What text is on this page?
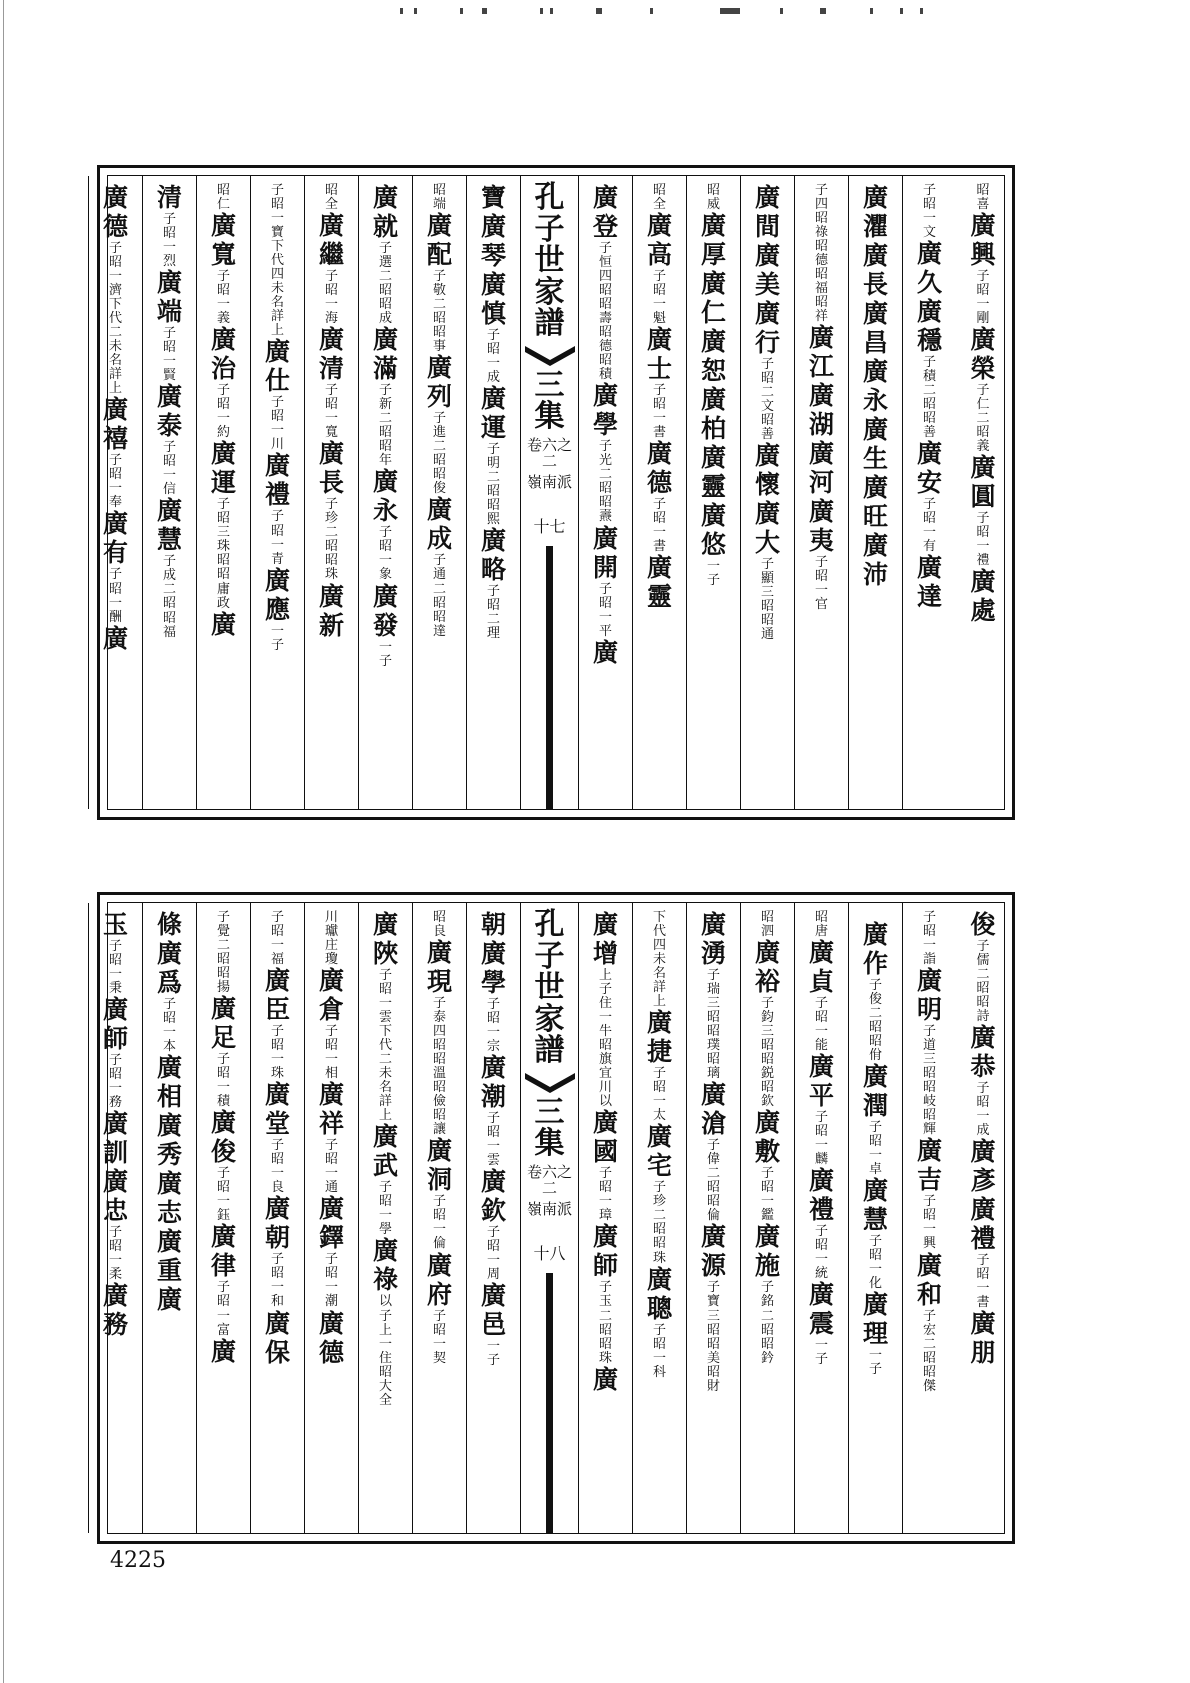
昭
喜
廣
興
子
昭
一
剛
廣
榮
子
仁
二
昭
義
廣
圓
子
昭
一
禮
廣
處
子
昭
一
文
廣
久
廣
穩
子
積
二
昭
昭
善
廣
安
子
昭
一
有
廣
達
廣
灈
廣
長
廣
昌
廣
永
廣
生
廣
旺
廣
沛
子
四
昭
祿
昭
德
昭
福
昭
祥
廣
江
廣
湖
廣
河
廣
夷
子
昭
一
官
廣
間
廣
美
廣
行
子
昭
二
文
昭
善
廣
懷
廣
大
子
顯
三
昭
昭
通
昭
威
廣
厚
廣
仁
廣
恕
廣
柏
廣
靈
廣
悠
一
子
昭
全
廣
高
子
昭
一
魁
廣
士
子
昭
一
書
廣
德
子
昭
一
書
廣
靈
廣
登
子
恒
四
昭
昭
壽
昭
德
昭
積
廣
學
子
光
二
昭
昭
燾
廣
開
子
昭
一
平
廣
孔子世家譜
三集
卷六之二
嶺南派
十七
寶
廣
琴
廣
慎
子
昭
一
成
廣
運
子
明
二
昭
昭
熙
廣
略
子
昭
二
理
昭
端
廣
配
子
敬
二
昭
昭
事
廣
列
子
進
二
昭
昭
俊
廣
成
子
通
二
昭
昭
達
廣
就
子
選
二
昭
昭
成
廣
滿
子
新
二
昭
昭
年
廣
永
子
昭
一
象
廣
發
一
子
昭
全
廣
繼
子
昭
一
海
廣
清
子
昭
一
寬
廣
長
子
珍
二
昭
昭
珠
廣
新
子
昭
一
寶
下
代
四
未
名
詳
上
廣
仕
子
昭
一
川
廣
禮
子
昭
一
青
廣
應
一
子
昭
仁
廣
寬
子
昭
一
義
廣
治
子
昭
一
約
廣
運
子
昭
三
珠
昭
昭
庸
政
廣
清
子
昭
一
烈
廣
端
子
昭
一
賢
廣
泰
子
昭
一
信
廣
慧
子
成
二
昭
昭
福
廣
德
子
昭
一
濟
下
代
二
未
名
詳
上
廣
禧
子
昭
一
奉
廣
有
子
昭
一
酬
廣
俊
子
儒
二
昭
昭
詩
廣
恭
子
昭
一
成
廣
彥
廣
禮
子
昭
一
書
廣
朋
子
昭
一
詣
廣
明
子
道
三
昭
昭
岐
昭
輝
廣
吉
子
昭
一
興
廣
和
子
宏
二
昭
昭
傑
廣
作
子
俊
二
昭
昭
佾
廣
潤
子
昭
一
卓
廣
慧
子
昭
一
化
廣
理
一
子
昭
唐
廣
貞
子
昭
一
能
廣
平
子
昭
一
麟
廣
禮
子
昭
一
統
廣
震
一
子
昭
泗
廣
裕
子
鈞
三
昭
昭
鋭
昭
欽
廣
敷
子
昭
一
鑑
廣
施
子
銘
二
昭
昭
鈐
廣
湧
子
瑞
三
昭
昭
璞
昭
璃
廣
滄
子
偉
二
昭
昭
倫
廣
源
子
寶
三
昭
昭
美
昭
財
下
代
四
未
名
詳
上
廣
捷
子
昭
一
太
廣
宅
子
珍
二
昭
昭
珠
廣
聰
子
昭
一
科
廣
增
上
子
住
一
牛
昭
旗
宜
川
以
廣
國
子
昭
一
璋
廣
師
子
玉
二
昭
昭
珠
廣
孔子世家譜
三集
卷六之二
嶺南派
十八
朝
廣
學
子
昭
一
宗
廣
潮
子
昭
一
雲
廣
欽
子
昭
一
周
廣
邑
一
子
昭
良
廣
現
子
泰
四
昭
昭
溫
昭
儉
昭
讓
廣
洞
子
昭
一
倫
廣
府
子
昭
一
契
廣
陜
子
昭
一
雲
下
代
二
未
名
詳
上
廣
武
子
昭
一
學
廣
祿
以
子
上
一
住
昭
大
全
川
瓛
庄
瓊
廣
倉
子
昭
一
相
廣
祥
子
昭
一
通
廣
鐸
子
昭
一
潮
廣
德
子
昭
一
福
廣
臣
子
昭
一
珠
廣
堂
子
昭
一
良
廣
朝
子
昭
一
和
廣
保
子
覺
二
昭
昭
揚
廣
足
子
昭
一
積
廣
俊
子
昭
一
鈺
廣
律
子
昭
一
富
廣
條
廣
爲
子
昭
一
本
廣
相
廣
秀
廣
志
廣
重
廣
玉
子
昭
一
秉
廣
師
子
昭
一
務
廣
訓
廣
忠
子
昭
一
柔
廣
務
4225
